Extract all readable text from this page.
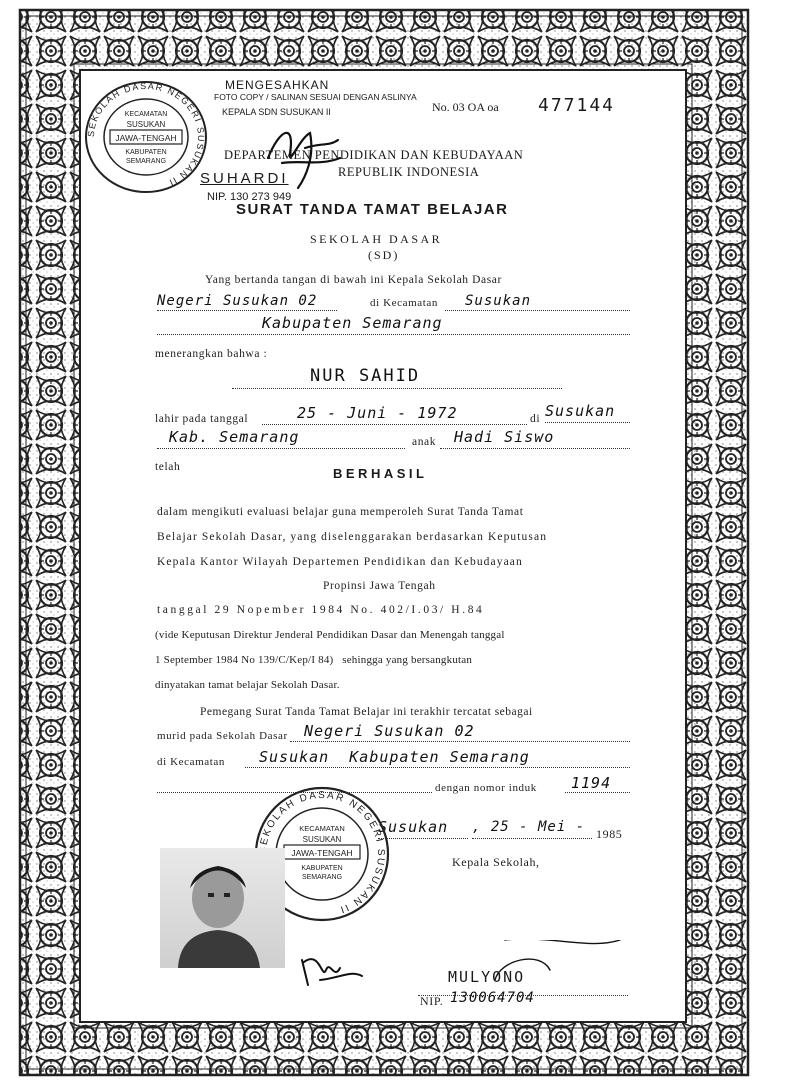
MENGESAHKAN
FOTO COPY / SALINAN SESUAI DENGAN ASLINYA
KEPALA SDN SUSUKAN II
SUHARDI
NIP. 130 273 949
SEKOLAH DASAR NEGERI SUSUKAN II
KECAMATAN
SUSUKAN
JAWA-TENGAH
KABUPATEN
SEMARANG
No. 03 OA oa 477144
DEPARTEMEN PENDIDIKAN DAN KEBUDAYAAN
REPUBLIK INDONESIA
SURAT TANDA TAMAT BELAJAR
SEKOLAH DASAR
(SD)
Yang bertanda tangan di bawah ini Kepala Sekolah Dasar
Negeri Susukan 02	di Kecamatan	Susukan
Kabupaten Semarang
menerangkan bahwa :
NUR SAHID
lahir pada tanggal	25 - Juni - 1972	di Susukan
Kab. Semarang	anak	Hadi Siswo
telah	BERHASIL
dalam mengikuti evaluasi belajar guna memperoleh Surat Tanda Tamat
Belajar Sekolah Dasar, yang diselenggarakan berdasarkan Keputusan
Kepala Kantor Wilayah Departemen Pendidikan dan Kebudayaan
Propinsi Jawa Tengah
tanggal 29 Nopember 1984 No. 402/I.03/ H.84
(vide Keputusan Direktur Jenderal Pendidikan Dasar dan Menengah tanggal
1 September 1984 No 139/C/Kep/I 84)   sehingga yang bersangkutan
dinyatakan tamat belajar Sekolah Dasar.
Pemegang Surat Tanda Tamat Belajar ini terakhir tercatat sebagai
murid pada Sekolah Dasar	Negeri Susukan 02
di Kecamatan	Susukan  Kabupaten Semarang
dengan nomor induk	1194
Susukan	, 25 - Mei - 1985
Kepala Sekolah,
EKOLAH DASAR NEGERI SUSUKAN II
KECAMATAN
SUSUKAN
JAWA-TENGAH
KABUPATEN
SEMARANG
MULYONO
NIP. 130064704
